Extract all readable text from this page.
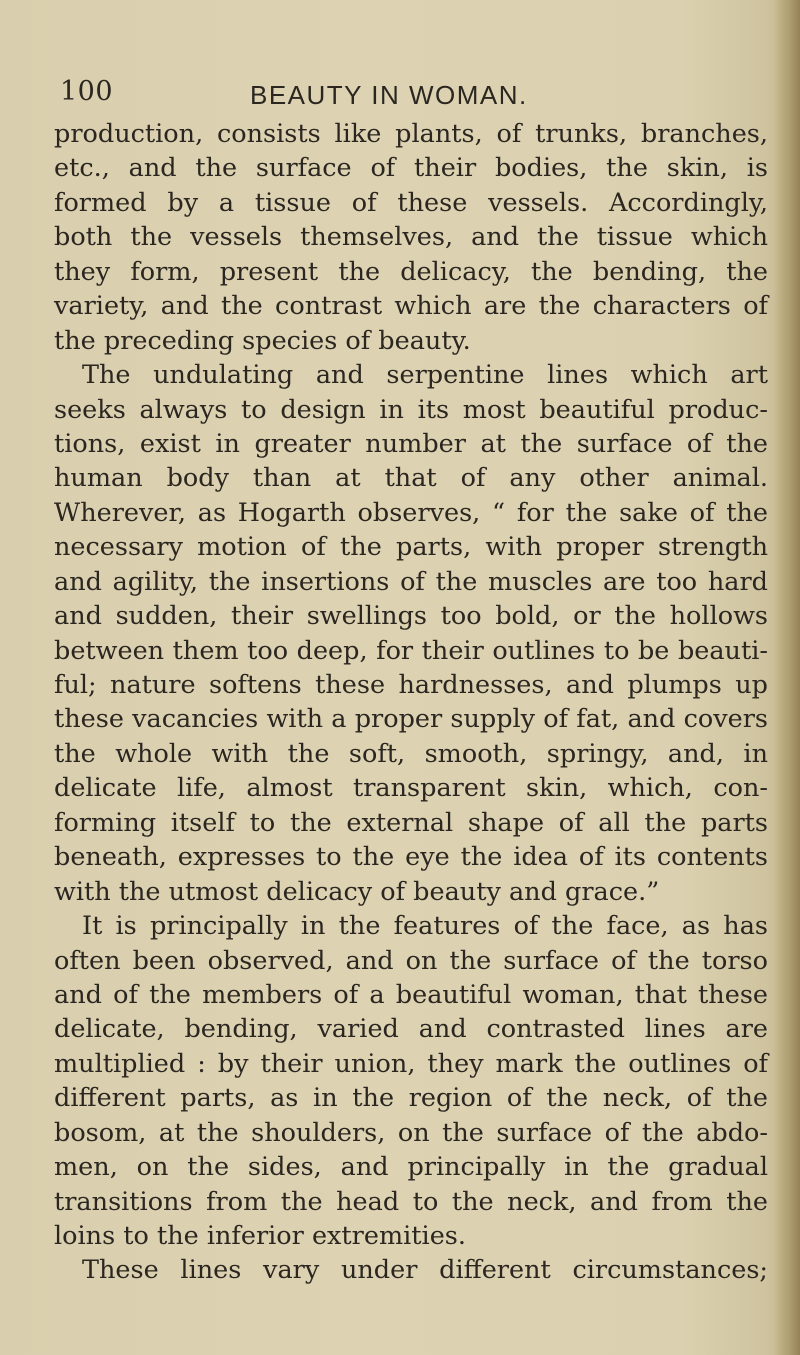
100	BEAUTY IN WOMAN.
production, consists like plants, of trunks, branches,
etc., and the surface of their bodies, the skin, is
formed by a tissue of these vessels. Accordingly,
both the vessels themselves, and the tissue which
they form, present the delicacy, the bending, the
variety, and the contrast which are the characters of
the preceding species of beauty.
The undulating and serpentine lines which art
seeks always to design in its most beautiful produc-
tions, exist in greater number at the surface of the
human body than at that of any other animal.
Wherever, as Hogarth observes, “ for the sake of the
necessary motion of the parts, with proper strength
and agility, the insertions of the muscles are too hard
and sudden, their swellings too bold, or the hollows
between them too deep, for their outlines to be beauti-
ful; nature softens these hardnesses, and plumps up
these vacancies with a proper supply of fat, and covers
the whole with the soft, smooth, springy, and, in
delicate life, almost transparent skin, which, con-
forming itself to the external shape of all the parts
beneath, expresses to the eye the idea of its contents
with the utmost delicacy of beauty and grace.”
It is principally in the features of the face, as has
often been observed, and on the surface of the torso
and of the members of a beautiful woman, that these
delicate, bending, varied and contrasted lines are
multiplied : by their union, they mark the outlines of
different parts, as in the region of the neck, of the
bosom, at the shoulders, on the surface of the abdo-
men, on the sides, and principally in the gradual
transitions from the head to the neck, and from the
loins to the inferior extremities.
These lines vary under different circumstances;
